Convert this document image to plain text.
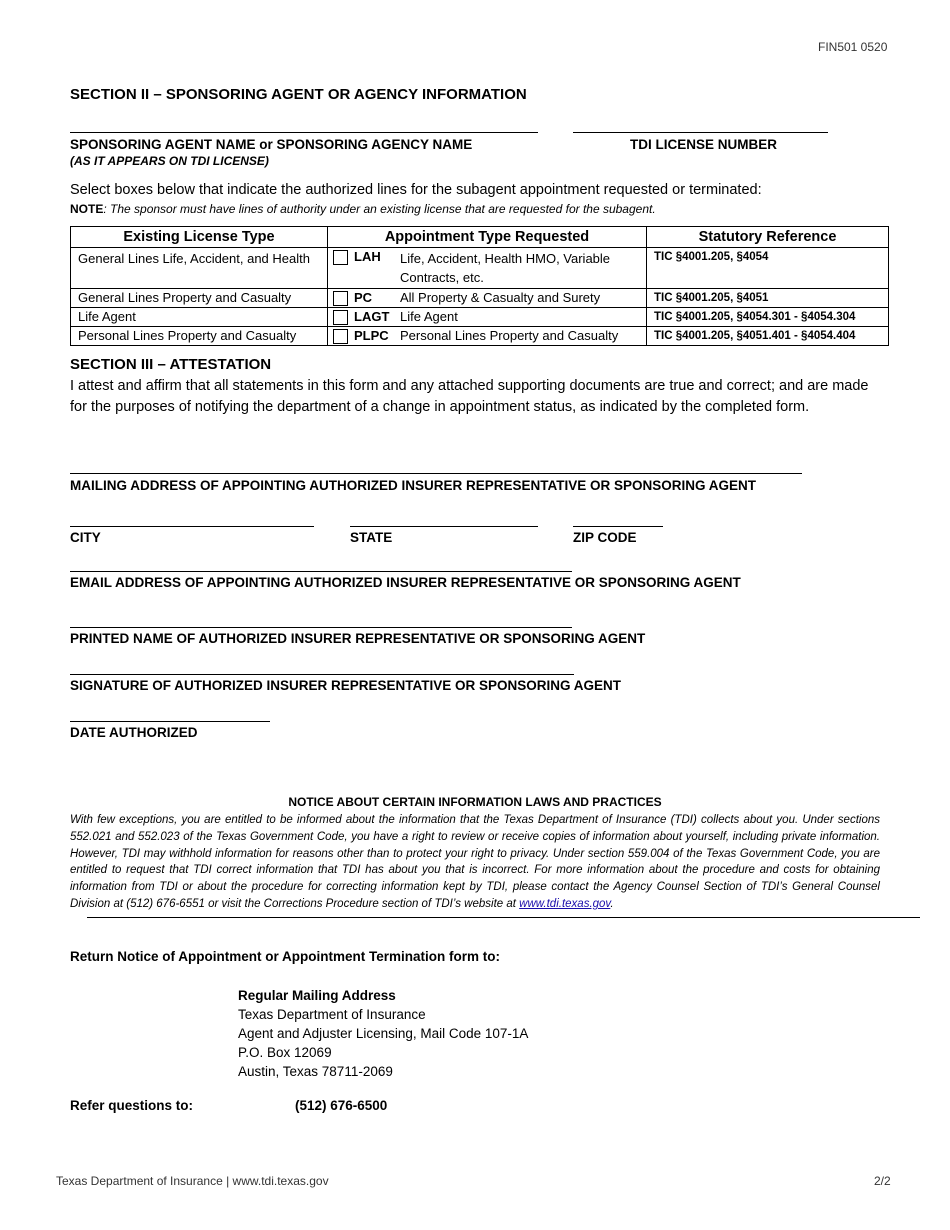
FIN501 0520
SECTION II – SPONSORING AGENT OR AGENCY INFORMATION
SPONSORING AGENT NAME or SPONSORING AGENCY NAME
(AS IT APPEARS ON TDI LICENSE)
TDI LICENSE NUMBER
Select boxes below that indicate the authorized lines for the subagent appointment requested or terminated:
NOTE: The sponsor must have lines of authority under an existing license that are requested for the subagent.
Existing License Type	Appointment Type Requested	Statutory Reference
General Lines Life, Accident, and Health	LAH Life, Accident, Health HMO, Variable Contracts, etc.	TIC §4001.205, §4054
General Lines Property and Casualty	PC All Property & Casualty and Surety	TIC §4001.205, §4051
Life Agent	LAGT Life Agent	TIC §4001.205, §4054.301 - §4054.304
Personal Lines Property and Casualty	PLPC Personal Lines Property and Casualty	TIC §4001.205, §4051.401 - §4054.404
SECTION III – ATTESTATION
I attest and affirm that all statements in this form and any attached supporting documents are true and correct; and are made for the purposes of notifying the department of a change in appointment status, as indicated by the completed form.
MAILING ADDRESS OF APPOINTING AUTHORIZED INSURER REPRESENTATIVE OR SPONSORING AGENT
CITY	STATE	ZIP CODE
EMAIL ADDRESS OF APPOINTING AUTHORIZED INSURER REPRESENTATIVE OR SPONSORING AGENT
PRINTED NAME OF AUTHORIZED INSURER REPRESENTATIVE OR SPONSORING AGENT
SIGNATURE OF AUTHORIZED INSURER REPRESENTATIVE OR SPONSORING AGENT
DATE AUTHORIZED
NOTICE ABOUT CERTAIN INFORMATION LAWS AND PRACTICES
With few exceptions, you are entitled to be informed about the information that the Texas Department of Insurance (TDI) collects about you. Under sections 552.021 and 552.023 of the Texas Government Code, you have a right to review or receive copies of information about yourself, including private information. However, TDI may withhold information for reasons other than to protect your right to privacy. Under section 559.004 of the Texas Government Code, you are entitled to request that TDI correct information that TDI has about you that is incorrect. For more information about the procedure and costs for obtaining information from TDI or about the procedure for correcting information kept by TDI, please contact the Agency Counsel Section of TDI’s General Counsel Division at (512) 676-6551 or visit the Corrections Procedure section of TDI’s website at www.tdi.texas.gov.
Return Notice of Appointment or Appointment Termination form to:
Regular Mailing Address
Texas Department of Insurance
Agent and Adjuster Licensing, Mail Code 107-1A
P.O. Box 12069
Austin, Texas 78711-2069
Refer questions to:	(512) 676-6500
Texas Department of Insurance | www.tdi.texas.gov	2/2
